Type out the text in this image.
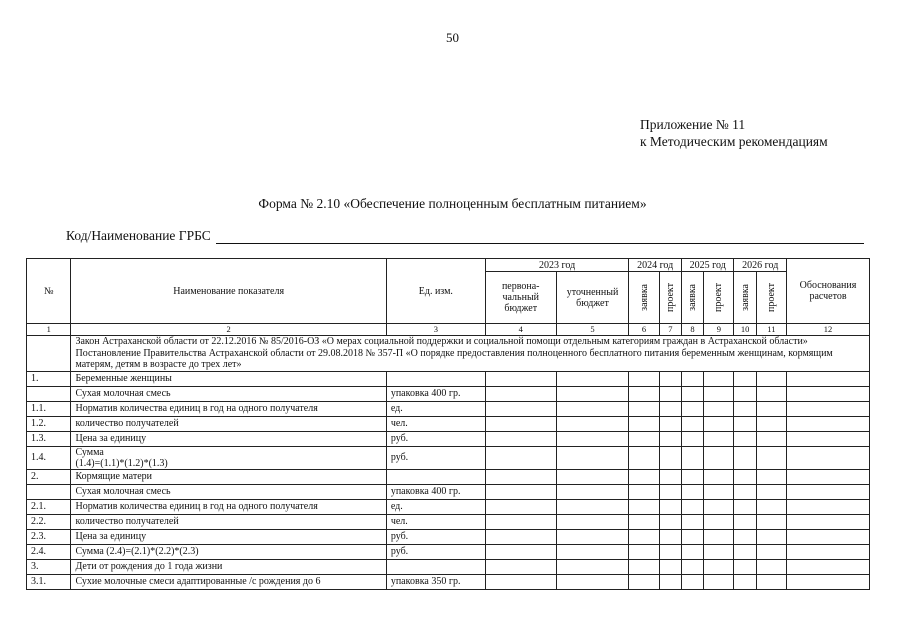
50
Приложение № 11
к Методическим рекомендациям
Форма № 2.10 «Обеспечение полноценным бесплатным питанием»
Код/Наименование ГРБС
№	Наименование показателя	Ед. изм.	2023 год		2024 год		2025 год		2026 год		Обоснования расчетов
			первона-чальный бюджет	уточненный бюджет	заявка	проект	заявка	проект	заявка	проект	

1	2	3	4	5	6	7	8	9	10	11	12

	Закон Астраханской области от 22.12.2016 № 85/2016-ОЗ «О мерах социальной поддержки и социальной помощи отдельным категориям граждан в Астраханской области»
Постановление Правительства Астраханской области от 29.08.2018 № 357-П «О порядке предоставления полноценного бесплатного питания беременным женщинам, кормящим матерям, детям в возрасте до трех лет»										

1.	Беременные женщины										

	Сухая молочная смесь	упаковка 400 гр.									
1.1.	Норматив количества единиц в год на одного получателя	ед.									
1.2.	количество получателей	чел.									
1.3.	Цена за единицу	руб.									
1.4.	Сумма
(1.4)=(1.1)*(1.2)*(1.3)	руб.									
2.	Кормящие матери										

	Сухая молочная смесь	упаковка 400 гр.									
2.1.	Норматив количества единиц в год на одного получателя	ед.									
2.2.	количество получателей	чел.									
2.3.	Цена за единицу	руб.									
2.4.	Сумма (2.4)=(2.1)*(2.2)*(2.3)	руб.									
3.	Дети от рождения до 1 года жизни										

3.1.	Сухие молочные смеси адаптированные /с рождения до 6	упаковка 350 гр.									
